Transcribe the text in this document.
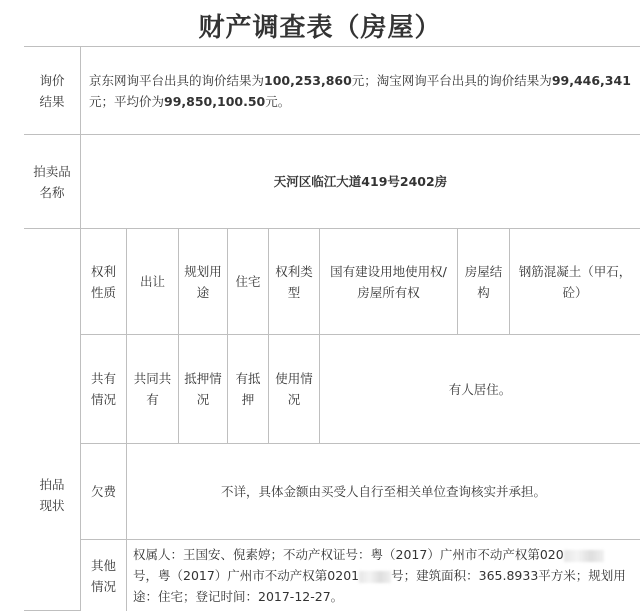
财产调查表（房屋）
询价结果
京东网询平台出具的询价结果为100,253,860元；淘宝网询平台出具的询价结果为99,446,341元；平均价为99,850,100.50元。
拍卖品名称
天河区临江大道419号2402房
拍品现状
权利性质
出让
规划用途
住宅
权利类型
国有建设用地使用权/房屋所有权
房屋结构
钢筋混凝土（甲石，砼）
共有情况
共同共有
抵押情况
有抵押
使用情况
有人居住。
欠费	不详，具体金额由买受人自行至相关单位查询核实并承担。
其他情况
权属人：王国安、倪素婷；不动产权证号：粤（2017）广州市不动产权第020号，粤（2017）广州市不动产权第0201	号；建筑面积：365.8933平方米；规划用途：住宅；登记时间：2017-12-27。
